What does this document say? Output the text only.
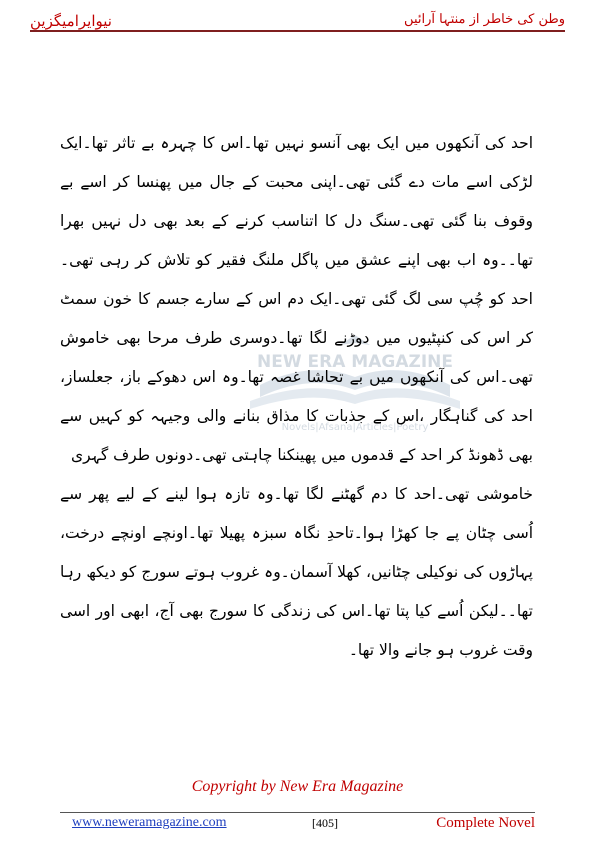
نیوایرامیگزین	وطن کی خاطر از منتہا آرائیں
NEW ERA MAGAZINE
Novels|Afsana|Articles|Poetry

احد کی آنکھوں میں ایک بھی آنسو نہیں تھا۔اس کا چہرہ بے تاثر تھا۔ایک لڑکی اسے مات دے گئی تھی۔اپنی محبت کے جال میں پھنسا کر اسے بے وقوف بنا گئی تھی۔سنگ دل کا اتناسب کرنے کے بعد بھی دل نہیں بھرا تھا۔۔وہ اب بھی اپنے عشق میں پاگل ملنگ فقیر کو تلاش کر رہی تھی۔احد کو چُپ سی لگ گئی تھی۔ایک دم اس کے سارے جسم کا خون سمٹ کر اس کی کنپٹیوں میں دوڑنے لگا تھا۔دوسری طرف مرحا بھی خاموش تھی۔اس کی آنکھوں میں بے تحاشا غصہ تھا۔وہ اس دھوکے باز، جعلساز، احد کی گناہگار ،اس کے جذبات کا مذاق بنانے والی وجیہہ کو کہیں سے بھی ڈھونڈ کر احد کے قدموں میں پھینکنا چاہتی تھی۔دونوں طرف گہری

خاموشی تھی۔احد کا دم گھٹنے لگا تھا۔وہ تازہ ہوا لینے کے لیے پھر سے اُسی چٹان پے جا کھڑا ہوا۔تاحدِ نگاہ سبزہ پھیلا تھا۔اونچے اونچے درخت، پہاڑوں کی نوکیلی چٹانیں، کھلا آسمان۔وہ غروب ہوتے سورج کو دیکھ رہا تھا۔۔لیکن اُسے کیا پتا تھا۔اس کی زندگی کا سورج بھی آج، ابھی اور اسی وقت غروب ہو جانے والا تھا۔

Copyright by New Era Magazine
www.neweramagazine.com	[405]	Complete Novel
